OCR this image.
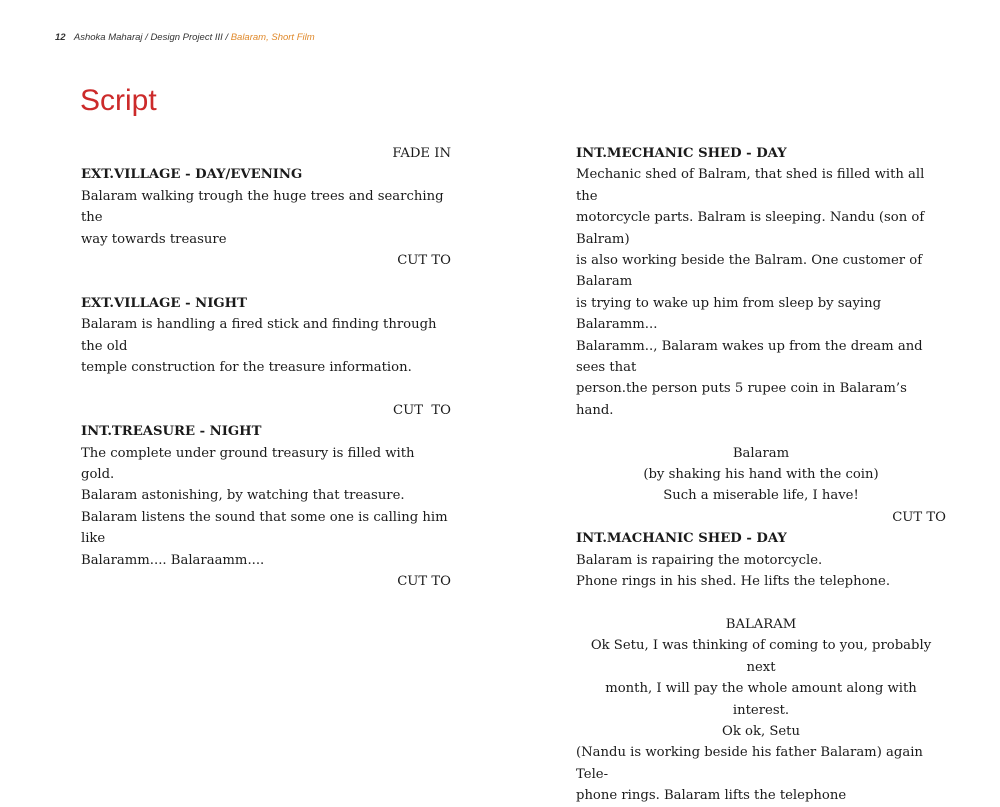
12 Ashoka Maharaj / Design Project III / Balaram, Short Film
Script

FADE IN

EXT.VILLAGE - DAY/EVENING

Balaram walking trough the huge trees and searching the

way towards treasure

CUT TO

EXT.VILLAGE - NIGHT

Balaram is handling a fired stick and finding through the old

temple construction for the treasure information.

CUT  TO

INT.TREASURE - NIGHT

The complete under ground treasury is filled with gold.

Balaram astonishing, by watching that treasure.

Balaram listens the sound that some one is calling him like

Balaramm.... Balaraamm....

CUT TO

INT.MECHANIC SHED - DAY

Mechanic shed of Balram, that shed is filled with all the

motorcycle parts. Balram is sleeping. Nandu (son of Balram)

is also working beside the Balram. One customer of Balaram

is trying to wake up him from sleep by saying Balaramm...

Balaramm.., Balaram wakes up from the dream and sees that

person.the person puts 5 rupee coin in Balaram’s hand.

Balaram

(by shaking his hand with the coin)

Such a miserable life, I have!

CUT TO

INT.MACHANIC SHED - DAY

Balaram is rapairing the motorcycle.

Phone rings in his shed. He lifts the telephone.

BALARAM

Ok Setu, I was thinking of coming to you, probably next

month, I will pay the whole amount along with interest.

Ok ok, Setu

(Nandu is working beside his father Balaram) again Tele-

phone rings. Balaram lifts the telephone
